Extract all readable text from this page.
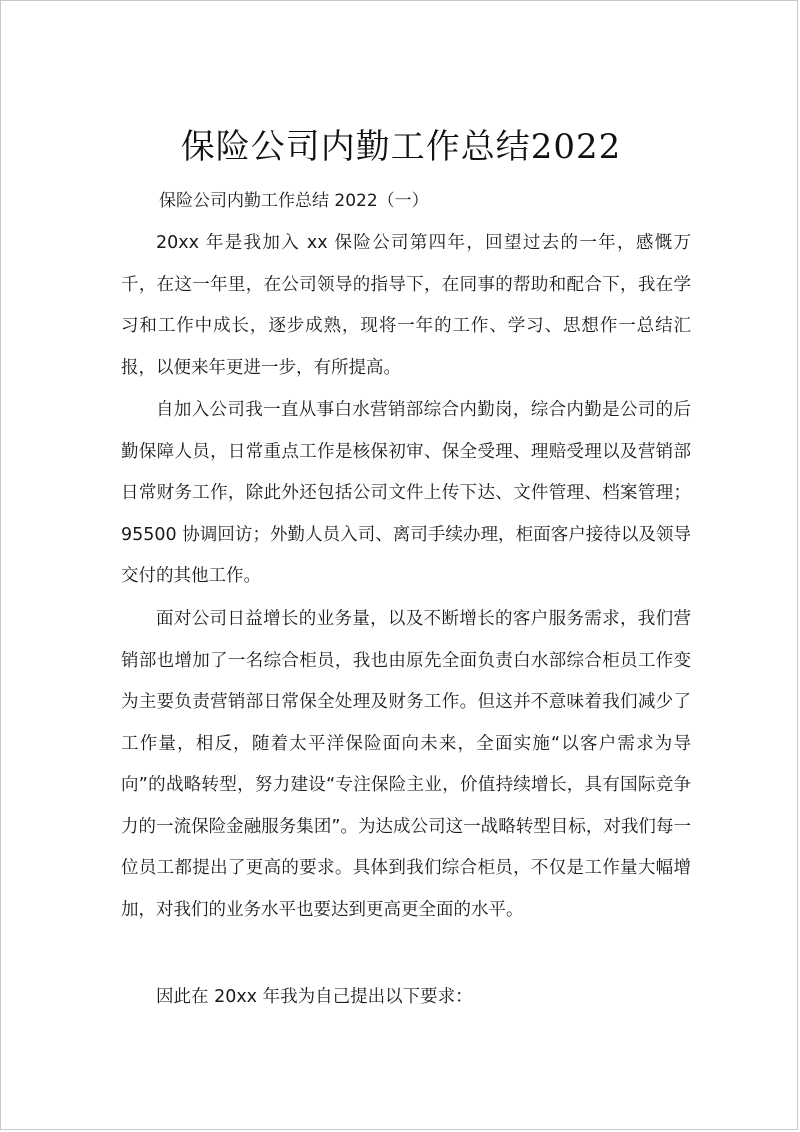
保险公司内勤工作总结2022
保险公司内勤工作总结 2022（一）

20xx 年是我加入 xx 保险公司第四年，回望过去的一年，感慨万千，在这一年里，在公司领导的指导下，在同事的帮助和配合下，我在学习和工作中成长，逐步成熟，现将一年的工作、学习、思想作一总结汇报，以便来年更进一步，有所提高。

自加入公司我一直从事白水营销部综合内勤岗，综合内勤是公司的后勤保障人员，日常重点工作是核保初审、保全受理、理赔受理以及营销部日常财务工作，除此外还包括公司文件上传下达、文件管理、档案管理；95500 协调回访；外勤人员入司、离司手续办理，柜面客户接待以及领导交付的其他工作。

面对公司日益增长的业务量，以及不断增长的客户服务需求，我们营销部也增加了一名综合柜员，我也由原先全面负责白水部综合柜员工作变为主要负责营销部日常保全处理及财务工作。但这并不意味着我们减少了工作量，相反，随着太平洋保险面向未来，全面实施“以客户需求为导向”的战略转型，努力建设“专注保险主业，价值持续增长，具有国际竞争力的一流保险金融服务集团”。为达成公司这一战略转型目标，对我们每一位员工都提出了更高的要求。具体到我们综合柜员，不仅是工作量大幅增加，对我们的业务水平也要达到更高更全面的水平。

因此在 20xx 年我为自己提出以下要求：
